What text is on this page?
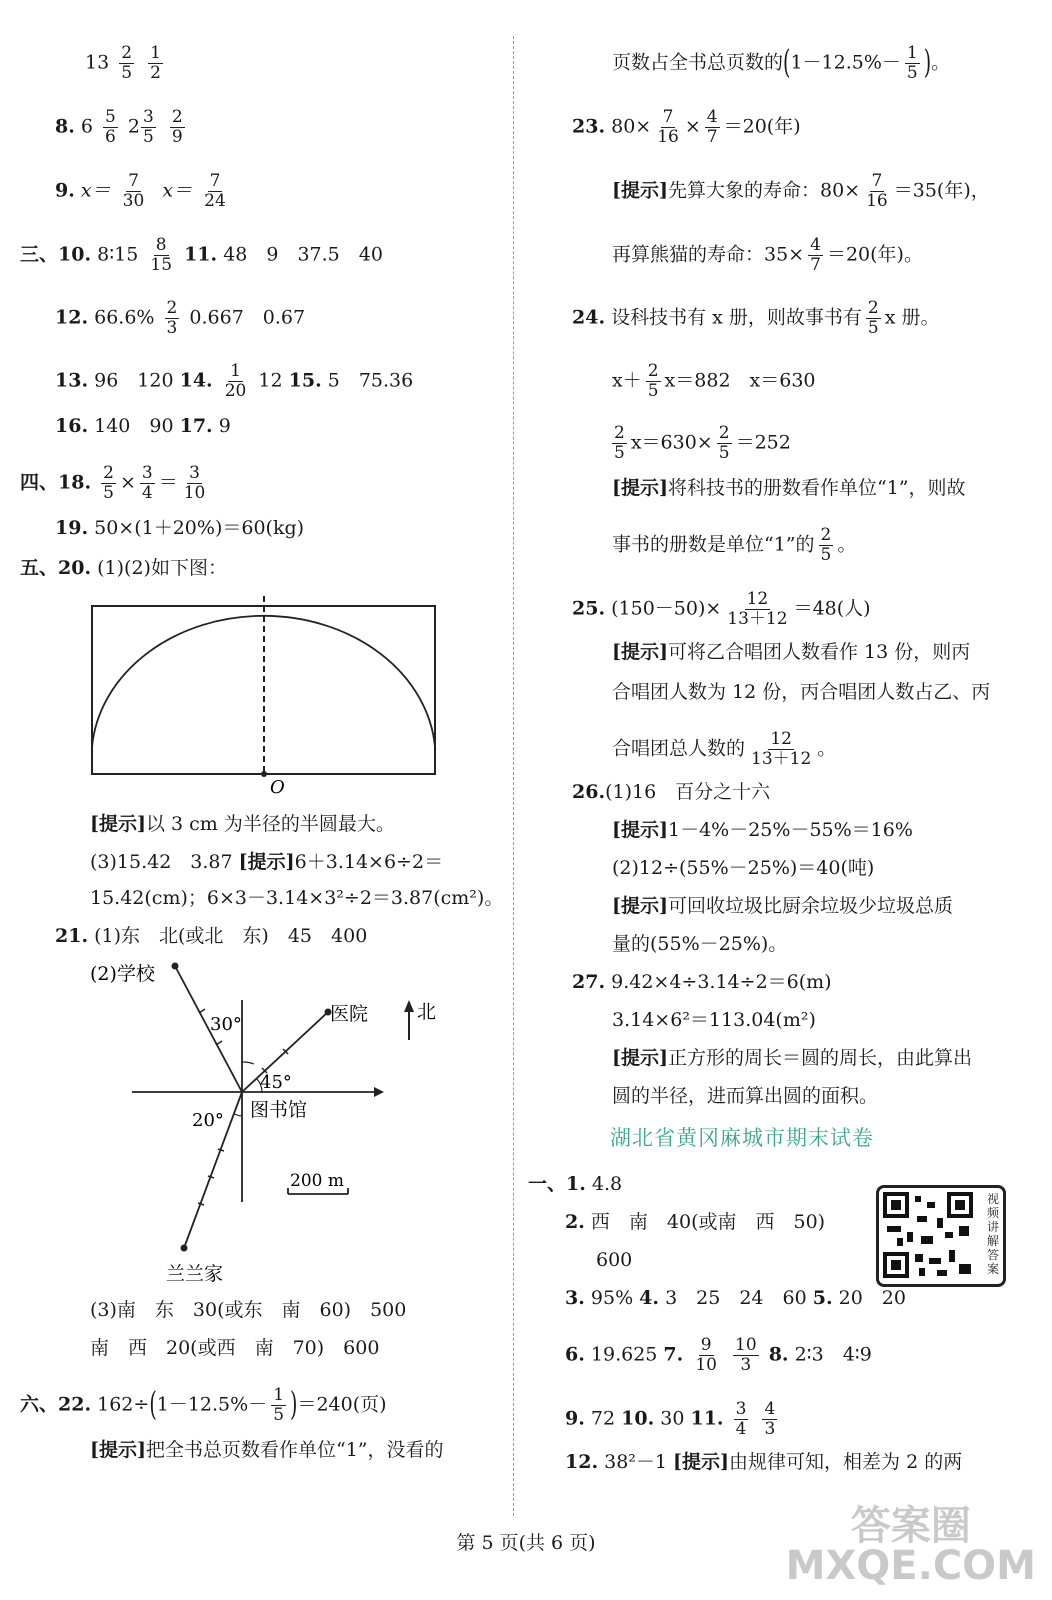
$13 \frac{2}{5}$
$\frac{1}{2}$
8. $6 \frac{5}{6} 2 \frac{3}{5}$
$\frac{2}{9}$
9. $x= \frac{7}{30} x= \frac{7}{24}$
三、10. 8∶15 $\frac{8}{15} 11$. 48　9　37.5　40
12. $66.6\% \frac{2}{3} 0.667$　0.67
13. 96　120 14. $\frac{1}{20} 12$ 15. 5　75.36
16. 140　90 17. 9
四、18. $\frac{2}{5} \times \frac{3}{4} = \frac{3}{10}$
19. 50×(1＋20%)＝60(kg)
五、20. (1)(2)如下图：
O
[提示]以 3 cm 为半径的半圆最大。
(3)15.42　3.87 [提示]6＋3.14×6÷2＝
15.42(cm)；6×3－3.14×3²÷2＝3.87(cm²)。
21. (1)东　北(或北　东)　45　400
(2)学校
医院	北
30°
45°
20° 图书馆
200 m
兰兰家
(3)南　东　30(或东　南　60)　500
南　西　20(或西　南　70)　600
六、22. $162\div(1-12.5\%- \frac{1}{5} )=240$(页)
[提示]把全书总页数看作单位“1”，没看的
页数占全书总页数的($1-12.5\%- \frac{1}{5}$ )。
23. $80\times \frac{7}{16} \times \frac{4}{7} =20$(年)
[提示]先算大象的寿命：$80\times \frac{7}{16} =35$(年)，
再算熊猫的寿命：$35\times \frac{4}{7} =20$(年)。
24. 设科技书有 x 册，则故事书有 $\frac{2}{5}$ x 册。
$x+ \frac{2}{5} x=882$　x＝630
$\frac{2}{5} x=630\times \frac{2}{5} =252$
[提示]将科技书的册数看作单位“1”，则故
事书的册数是单位“1”的 $\frac{2}{5}$ 。
25. $(150-50)\times \frac{12}{13+12} =48$(人)
[提示]可将乙合唱团人数看作 13 份，则丙
合唱团人数为 12 份，丙合唱团人数占乙、丙
合唱团总人数的 $\frac{12}{13+12}$ 。
26.(1)16　百分之十六
[提示]1－4%－25%－55%＝16%
(2)12÷(55%－25%)＝40(吨)
[提示]可回收垃圾比厨余垃圾少垃圾总质
量的(55%－25%)。
27. 9.42×4÷3.14÷2＝6(m)
3.14×6²＝113.04(m²)
[提示]正方形的周长＝圆的周长，由此算出
圆的半径，进而算出圆的面积。
湖北省黄冈麻城市期末试卷
一、1. 4.8
2. 西　南　40(或南　西　50)
600
视频讲解答案
3. 95% 4. 3　25　24　60 5. 20　20
6. 19.625 7. $\frac{9}{10}$
$\frac{10}{3} 8$. 2∶3　4∶9
9. 72 10. 30 11. $\frac{3}{4}$
$\frac{4}{3}$
12. 38²－1 [提示]由规律可知，相差为 2 的两
第 5 页(共 6 页)	答案圈
MXQE.COM
